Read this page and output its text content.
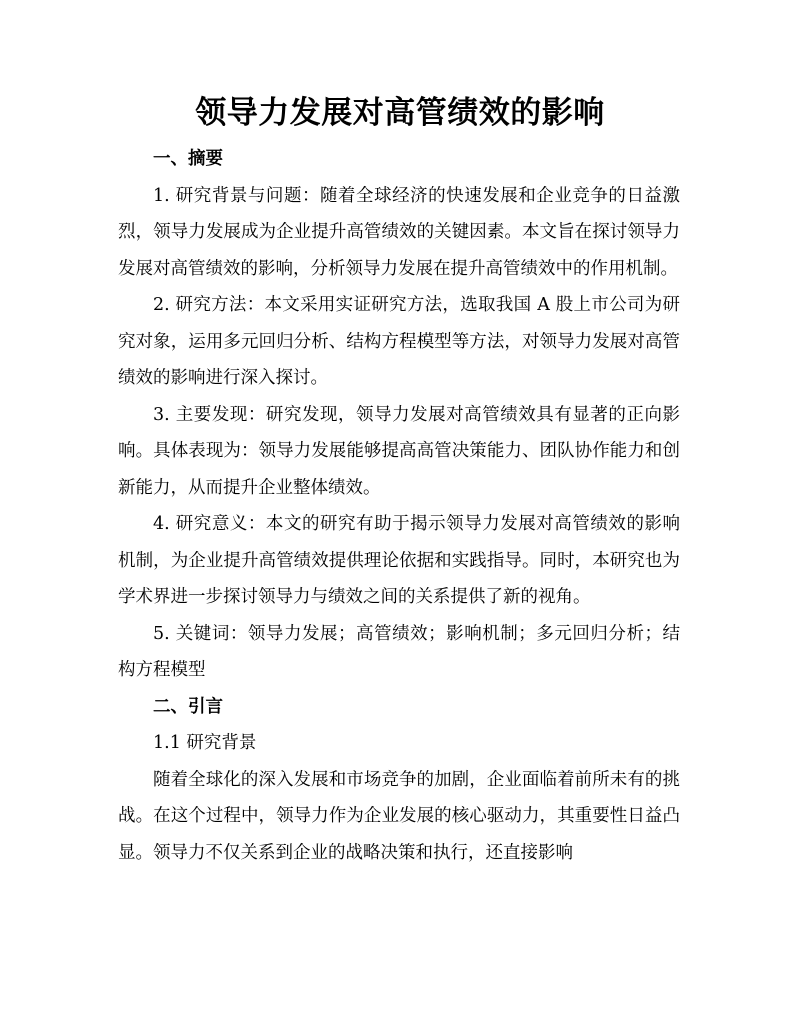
领导力发展对高管绩效的影响

一、摘要

1. 研究背景与问题：随着全球经济的快速发展和企业竞争的日益激烈，领导力发展成为企业提升高管绩效的关键因素。本文旨在探讨领导力发展对高管绩效的影响，分析领导力发展在提升高管绩效中的作用机制。

2. 研究方法：本文采用实证研究方法，选取我国 A 股上市公司为研究对象，运用多元回归分析、结构方程模型等方法，对领导力发展对高管绩效的影响进行深入探讨。

3. 主要发现：研究发现，领导力发展对高管绩效具有显著的正向影响。具体表现为：领导力发展能够提高高管决策能力、团队协作能力和创新能力，从而提升企业整体绩效。

4. 研究意义：本文的研究有助于揭示领导力发展对高管绩效的影响机制，为企业提升高管绩效提供理论依据和实践指导。同时，本研究也为学术界进一步探讨领导力与绩效之间的关系提供了新的视角。

5. 关键词：领导力发展；高管绩效；影响机制；多元回归分析；结构方程模型

二、引言

1.1 研究背景

随着全球化的深入发展和市场竞争的加剧，企业面临着前所未有的挑战。在这个过程中，领导力作为企业发展的核心驱动力，其重要性日益凸显。领导力不仅关系到企业的战略决策和执行，还直接影响
